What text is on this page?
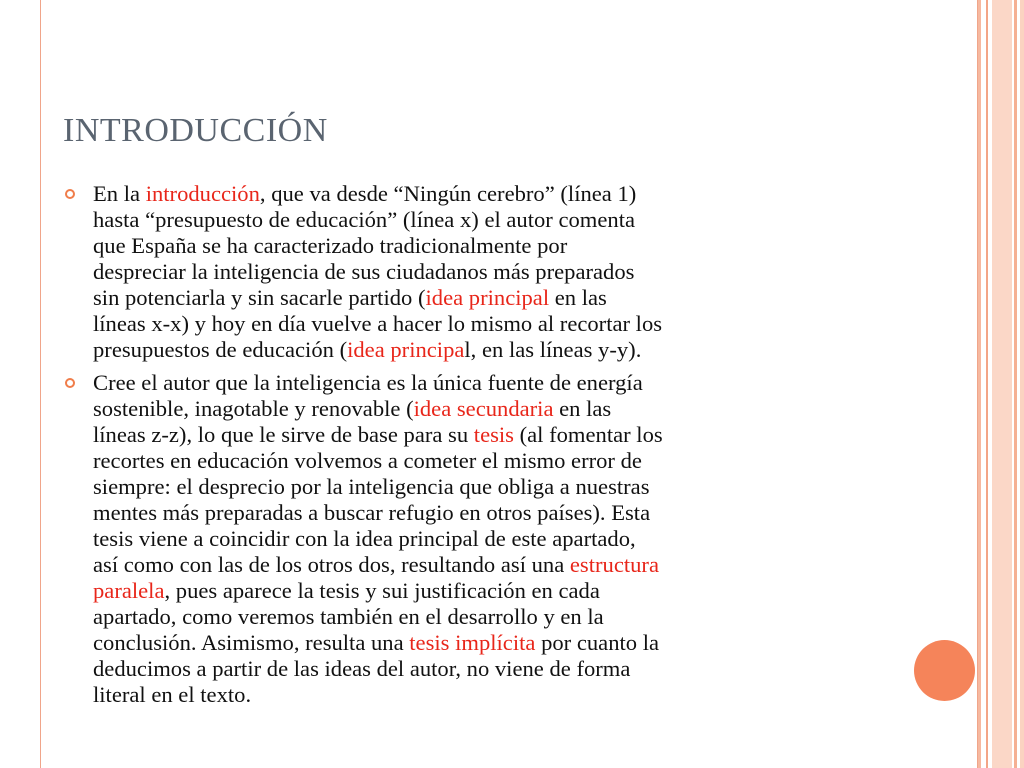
INTRODUCCIÓN
En la introducción, que va desde “Ningún cerebro” (línea 1)
hasta “presupuesto de educación” (línea x) el autor comenta
que España se ha caracterizado tradicionalmente por
despreciar la inteligencia de sus ciudadanos más preparados
sin potenciarla y sin sacarle partido (idea principal en las
líneas x-x) y hoy en día vuelve a hacer lo mismo al recortar los
presupuestos de educación (idea principal, en las líneas y-y).
Cree el autor que la inteligencia es la única fuente de energía
sostenible, inagotable y renovable (idea secundaria en las
líneas z-z), lo que le sirve de base para su tesis (al fomentar los
recortes en educación volvemos a cometer el mismo error de
siempre: el desprecio por la inteligencia que obliga a nuestras
mentes más preparadas a buscar refugio en otros países). Esta
tesis viene a coincidir con la idea principal de este apartado,
así como con las de los otros dos, resultando así una estructura
paralela, pues aparece la tesis y sui justificación en cada
apartado, como veremos también en el desarrollo y en la
conclusión. Asimismo, resulta una tesis implícita por cuanto la
deducimos a partir de las ideas del autor, no viene de forma
literal en el texto.
